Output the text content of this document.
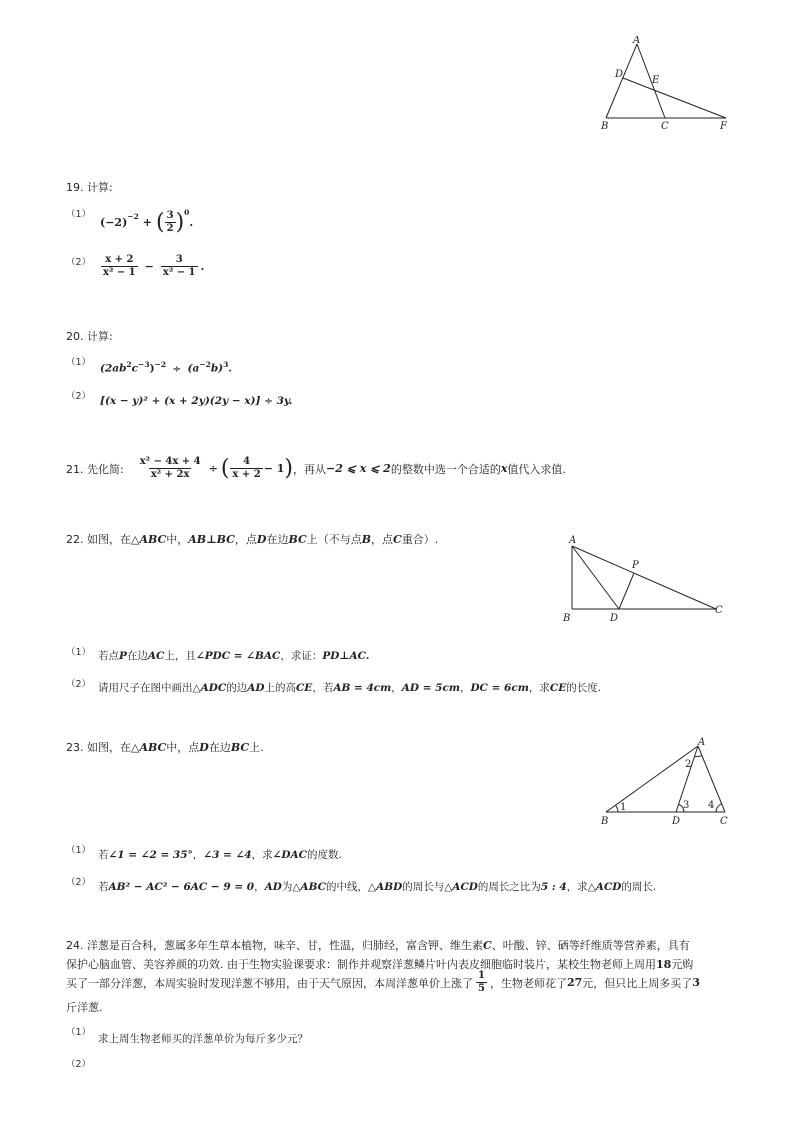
A
D
E
B	C	F
19. 计算:
（1）
$(-2)^{-2}$ + ( $\frac{3}{2} )^0$
.
$(2) \frac{x + 2}{\text{x² − 1}} - \frac{3}{\text{x² − 1}}$ .
20. 计算:
（1） $(2ab^2c^{-3})^{-2} \div (a^{-2}b)^3$.
（2） [(x − y)² + (x + 2y)(2y − x)] ÷ 3y.
21. 先化简: $\frac{\text{x² − 4x + 4}}{\text{x² + 2x}}$ ÷ ( $\frac{4}{x + 2} - 1$ ) ，再从 −2 ⩽ x ⩽ 2 的整数中选一个合适的 x 值代入求值.
22. 如图，在△ABC中，AB⊥BC，点D在边BC上（不与点B，点C重合）.	A
P
B	D
C
（1） 若点P在边AC上，且∠PDC = ∠BAC，求证：PD⊥AC.
（2） 请用尺子在图中画出△ADC的边AD上的高CE，若AB = 4cm，AD = 5cm，DC = 6cm，求CE的长度.
23. 如图，在△ABC中，点D在边BC上.	A
B	D	C
1
2
3 4
（1） 若∠1 = ∠2 = 35°，∠3 = ∠4，求∠DAC的度数.
（2） 若AB² − AC² − 6AC − 9 = 0，AD为△ABC的中线，△ABD的周长与△ACD的周长之比为5 : 4，求△ACD的周长.
24. 洋葱是百合科，葱属多年生草本植物，味辛、甘，性温，归肺经，富含钾、维生素C、叶酸、锌、硒等纤维质等营养素，具有
保护心脑血管、美容养颜的功效. 由于生物实验课要求：制作并观察洋葱鳞片叶内表皮细胞临时装片，某校生物老师上周用18元购
买了一部分洋葱，本周实验时发现洋葱不够用，由于天气原因，本周洋葱单价上涨了 $\frac{1}{5}$ ，生物老师花了 27 元，但只比上周多买了 3
斤洋葱.
（1）
求上周生物老师买的洋葱单价为每斤多少元？
（2）
